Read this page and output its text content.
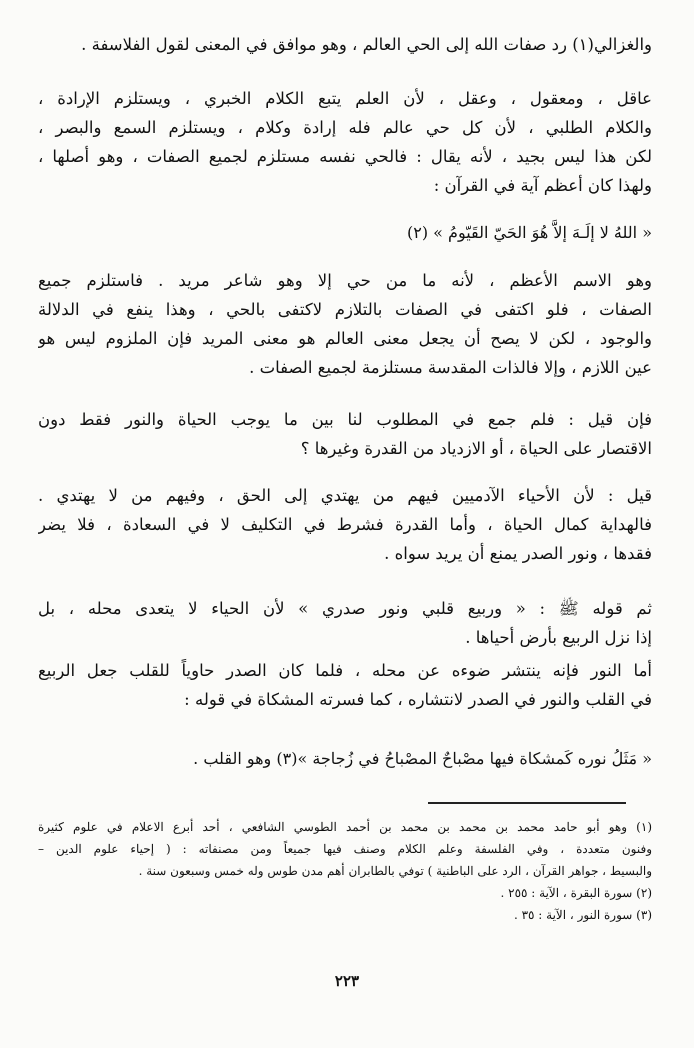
والغزالي(١) رد صفات الله إلى الحي العالم ، وهو موافق في المعنى لقول الفلاسفة .
عاقل ، ومعقول ، وعقل ، لأن العلم يتبع الكلام الخبري ، ويستلزم الإرادة ،
والكلام الطلبي ، لأن كل حي عالم فله إرادة وكلام ، ويستلزم السمع والبصر ،
لكن هذا ليس بجيد ، لأنه يقال : فالحي نفسه مستلزم لجميع الصفات ، وهو أصلها ،
ولهذا كان أعظم آية في القرآن :
« اللهُ لا إلَـهَ إلاَّ هُوَ الحَيّ القَيّومُ » (٢)
وهو الاسم الأعظم ، لأنه ما من حي إلا وهو شاعر مريد . فاستلزم جميع
الصفات ، فلو اكتفى في الصفات بالتلازم لاكتفى بالحي ، وهذا ينفع في الدلالة
والوجود ، لكن لا يصح أن يجعل معنى العالم هو معنى المريد فإن الملزوم ليس هو
عين اللازم ، وإلا فالذات المقدسة مستلزمة لجميع الصفات .
فإن قيل : فلم جمع في المطلوب لنا بين ما يوجب الحياة والنور فقط دون
الاقتصار على الحياة ، أو الازدياد من القدرة وغيرها ؟
قيل : لأن الأحياء الآدميين فيهم من يهتدي إلى الحق ، وفيهم من لا يهتدي .
فالهداية كمال الحياة ، وأما القدرة فشرط في التكليف لا في السعادة ، فلا يضر
فقدها ، ونور الصدر يمنع أن يريد سواه .
ثم قوله ﷺ : « وربيع قلبي ونور صدري » لأن الحياء لا يتعدى محله ، بل
إذا نزل الربيع بأرض أحياها .
أما النور فإنه ينتشر ضوءه عن محله ، فلما كان الصدر حاوياً للقلب جعل الربيع
في القلب والنور في الصدر لانتشاره ، كما فسرته المشكاة في قوله :
« مَثَلُ نوره كَمشكاة فيها مصْباحٌ المصْباحُ في زُجاجة »(٣) وهو القلب .
(١) وهو أبو حامد محمد بن محمد بن محمد بن أحمد الطوسي الشافعي ، أحد أبرع الاعلام في علوم كثيرة
وفنون متعددة ، وفي الفلسفة وعلم الكلام وصنف فيها جميعاً ومن مصنفاته : ( إحياء علوم الدين –
والبسيط ، جواهر القرآن ، الرد على الباطنية ) توفي بالطابران أهم مدن طوس وله خمس وسبعون سنة .
(٢) سورة البقرة ، الآية : ٢٥٥ .
(٣) سورة النور ، الآية : ٣٥ .
٢٢٣
